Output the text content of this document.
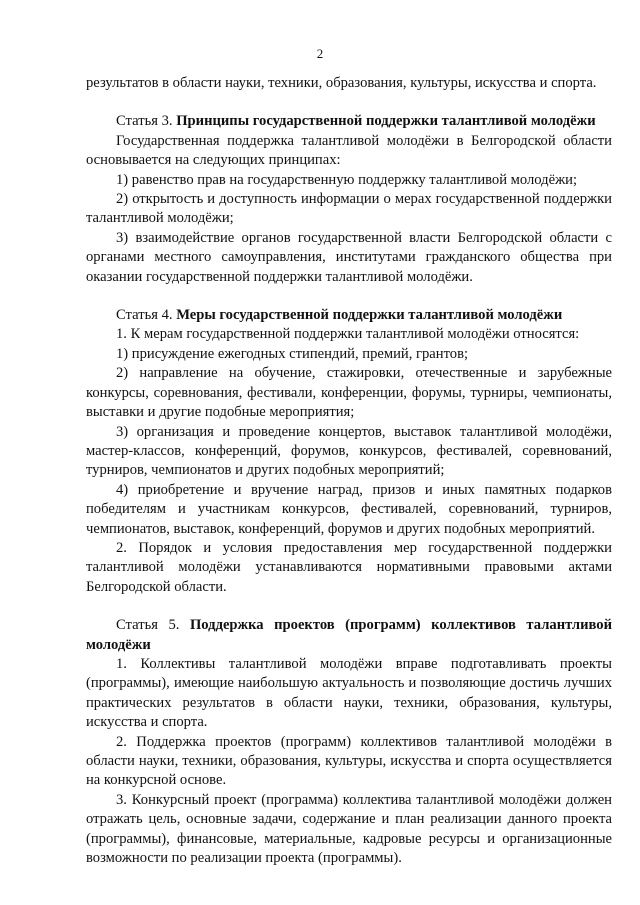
2

результатов в области науки, техники, образования, культуры, искусства и спорта.

Статья 3. Принципы государственной поддержки талантливой молодёжи

Государственная поддержка талантливой молодёжи в Белгородской области основывается на следующих принципах:

1) равенство прав на государственную поддержку талантливой молодёжи;

2) открытость и доступность информации о мерах государственной поддержки талантливой молодёжи;

3) взаимодействие органов государственной власти Белгородской области с органами местного самоуправления, институтами гражданского общества при оказании государственной поддержки талантливой молодёжи.

Статья 4. Меры государственной поддержки талантливой молодёжи

1. К мерам государственной поддержки талантливой молодёжи относятся:

1) присуждение ежегодных стипендий, премий, грантов;

2) направление на обучение, стажировки, отечественные и зарубежные конкурсы, соревнования, фестивали, конференции, форумы, турниры, чемпионаты, выставки и другие подобные мероприятия;

3) организация и проведение концертов, выставок талантливой молодёжи, мастер-классов, конференций, форумов, конкурсов, фестивалей, соревнований, турниров, чемпионатов и других подобных мероприятий;

4) приобретение и вручение наград, призов и иных памятных подарков победителям и участникам конкурсов, фестивалей, соревнований, турниров, чемпионатов, выставок, конференций, форумов и других подобных мероприятий.

2. Порядок и условия предоставления мер государственной поддержки талантливой молодёжи устанавливаются нормативными правовыми актами Белгородской области.

Статья 5. Поддержка проектов (программ) коллективов талантливой молодёжи

1. Коллективы талантливой молодёжи вправе подготавливать проекты (программы), имеющие наибольшую актуальность и позволяющие достичь лучших практических результатов в области науки, техники, образования, культуры, искусства и спорта.

2. Поддержка проектов (программ) коллективов талантливой молодёжи в области науки, техники, образования, культуры, искусства и спорта осуществляется на конкурсной основе.

3. Конкурсный проект (программа) коллектива талантливой молодёжи должен отражать цель, основные задачи, содержание и план реализации данного проекта (программы), финансовые, материальные, кадровые ресурсы и организационные возможности по реализации проекта (программы).
